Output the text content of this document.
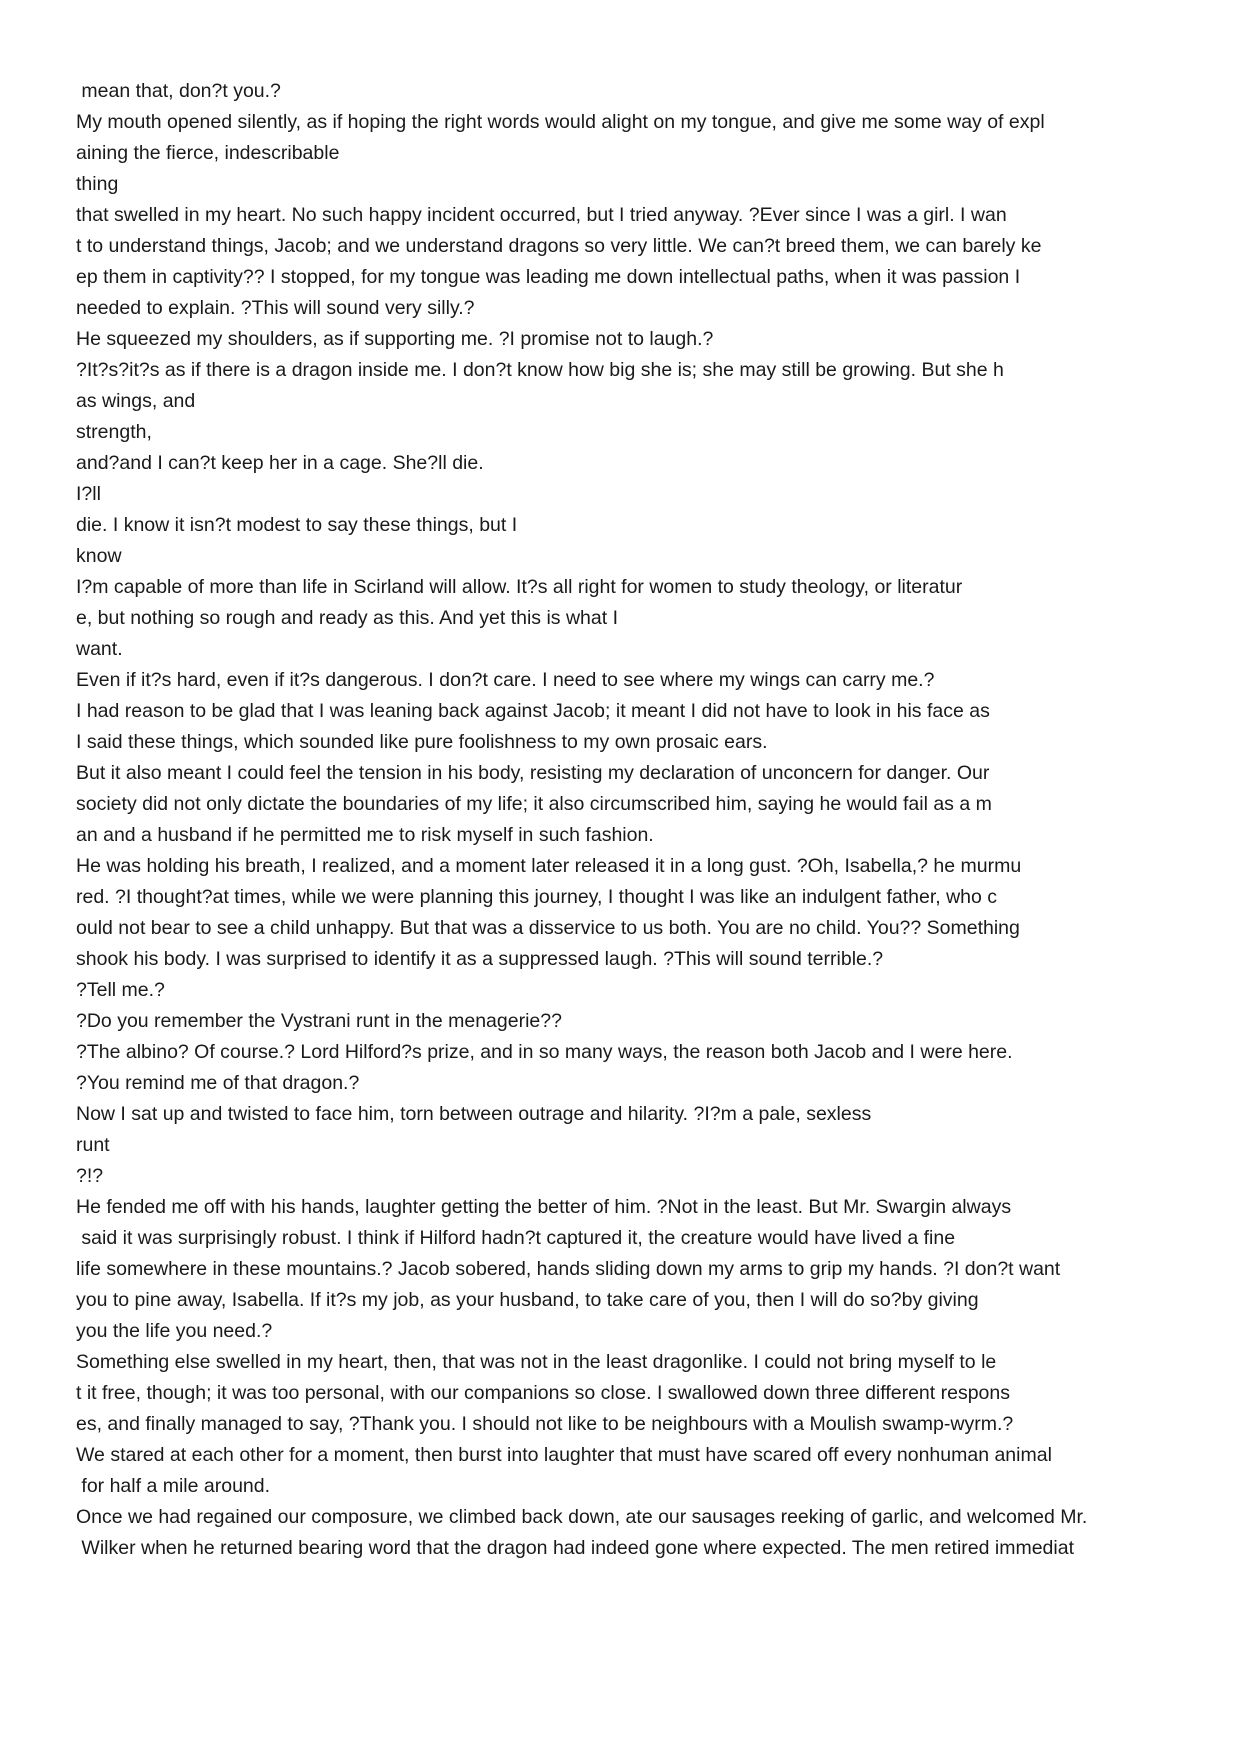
mean that, don?t you.?
My mouth opened silently, as if hoping the right words would alight on my tongue, and give me some way of expl
aining the fierce, indescribable
thing
that swelled in my heart. No such happy incident occurred, but I tried anyway. ?Ever since I was a girl. I wan
t to understand things, Jacob; and we understand dragons so very little. We can?t breed them, we can barely ke
ep them in captivity?? I stopped, for my tongue was leading me down intellectual paths, when it was passion I
needed to explain. ?This will sound very silly.?
He squeezed my shoulders, as if supporting me. ?I promise not to laugh.?
?It?s?it?s as if there is a dragon inside me. I don?t know how big she is; she may still be growing. But she h
as wings, and
strength,
and?and I can?t keep her in a cage. She?ll die.
I?ll
die. I know it isn?t modest to say these things, but I
know
I?m capable of more than life in Scirland will allow. It?s all right for women to study theology, or literatur
e, but nothing so rough and ready as this. And yet this is what I
want.
Even if it?s hard, even if it?s dangerous. I don?t care. I need to see where my wings can carry me.?
I had reason to be glad that I was leaning back against Jacob; it meant I did not have to look in his face as
I said these things, which sounded like pure foolishness to my own prosaic ears.
But it also meant I could feel the tension in his body, resisting my declaration of unconcern for danger. Our
society did not only dictate the boundaries of my life; it also circumscribed him, saying he would fail as a m
an and a husband if he permitted me to risk myself in such fashion.
He was holding his breath, I realized, and a moment later released it in a long gust. ?Oh, Isabella,? he murmu
red. ?I thought?at times, while we were planning this journey, I thought I was like an indulgent father, who c
ould not bear to see a child unhappy. But that was a disservice to us both. You are no child. You?? Something
shook his body. I was surprised to identify it as a suppressed laugh. ?This will sound terrible.?
?Tell me.?
?Do you remember the Vystrani runt in the menagerie??
?The albino? Of course.? Lord Hilford?s prize, and in so many ways, the reason both Jacob and I were here.
?You remind me of that dragon.?
Now I sat up and twisted to face him, torn between outrage and hilarity. ?I?m a pale, sexless
runt
?!?
He fended me off with his hands, laughter getting the better of him. ?Not in the least. But Mr. Swargin always
said it was surprisingly robust. I think if Hilford hadn?t captured it, the creature would have lived a fine
life somewhere in these mountains.? Jacob sobered, hands sliding down my arms to grip my hands. ?I don?t want
you to pine away, Isabella. If it?s my job, as your husband, to take care of you, then I will do so?by giving
you the life you need.?
Something else swelled in my heart, then, that was not in the least dragonlike. I could not bring myself to le
t it free, though; it was too personal, with our companions so close. I swallowed down three different respons
es, and finally managed to say, ?Thank you. I should not like to be neighbours with a Moulish swamp-wyrm.?
We stared at each other for a moment, then burst into laughter that must have scared off every nonhuman animal
for half a mile around.
Once we had regained our composure, we climbed back down, ate our sausages reeking of garlic, and welcomed Mr.
Wilker when he returned bearing word that the dragon had indeed gone where expected. The men retired immediat
